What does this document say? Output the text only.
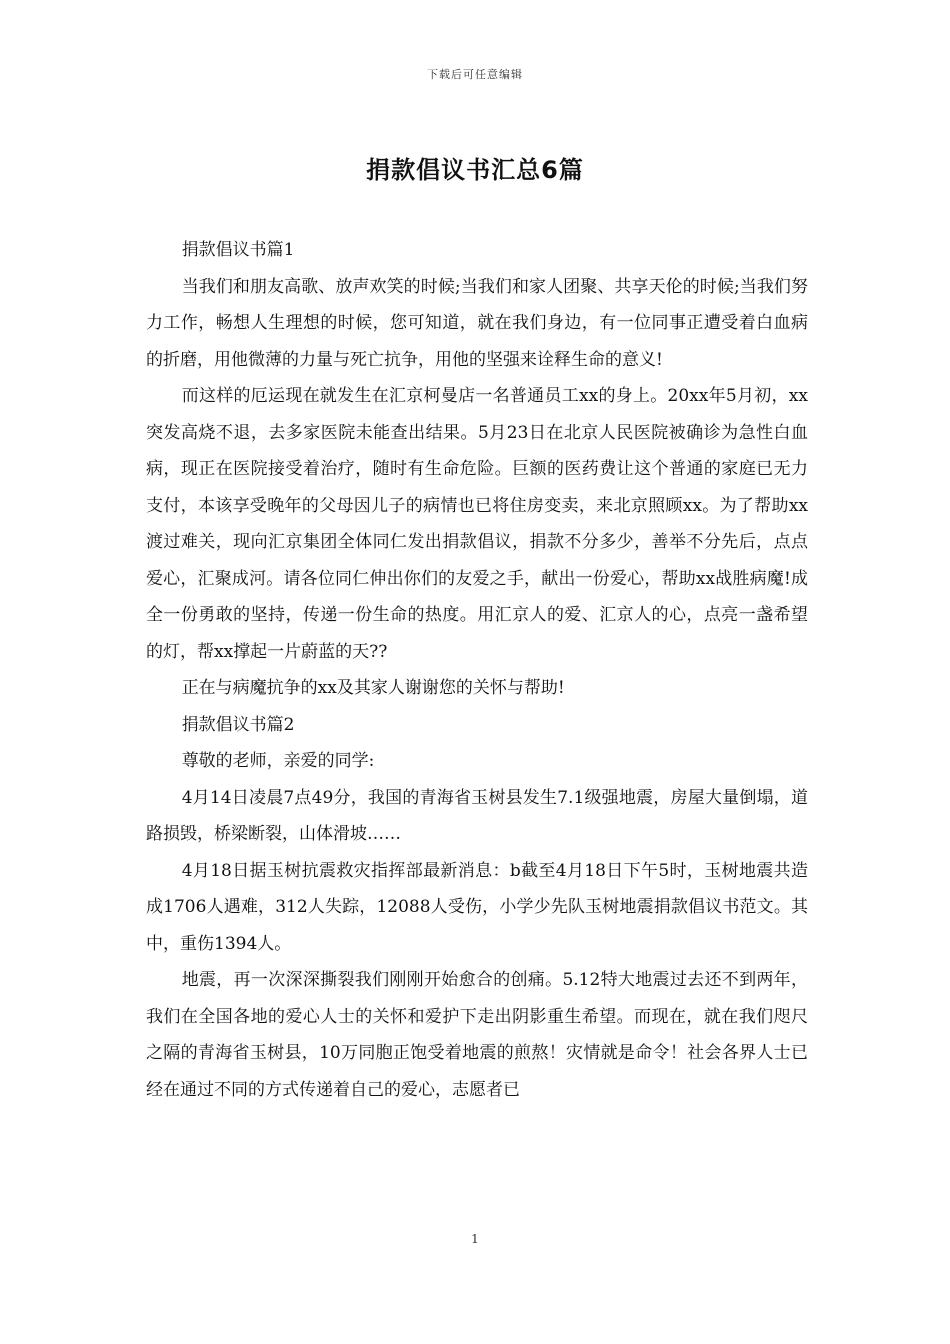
下载后可任意编辑
捐款倡议书汇总6篇

捐款倡议书篇1

当我们和朋友高歌、放声欢笑的时候;当我们和家人团聚、共享天伦的时候;当我们努力工作，畅想人生理想的时候，您可知道，就在我们身边，有一位同事正遭受着白血病的折磨，用他微薄的力量与死亡抗争，用他的坚强来诠释生命的意义!

而这样的厄运现在就发生在汇京柯曼店一名普通员工xx的身上。20xx年5月初，xx突发高烧不退，去多家医院未能查出结果。5月23日在北京人民医院被确诊为急性白血病，现正在医院接受着治疗，随时有生命危险。巨额的医药费让这个普通的家庭已无力支付，本该享受晚年的父母因儿子的病情也已将住房变卖，来北京照顾xx。为了帮助xx渡过难关，现向汇京集团全体同仁发出捐款倡议，捐款不分多少，善举不分先后，点点爱心，汇聚成河。请各位同仁伸出你们的友爱之手，献出一份爱心，帮助xx战胜病魔!成全一份勇敢的坚持，传递一份生命的热度。用汇京人的爱、汇京人的心，点亮一盏希望的灯，帮xx撑起一片蔚蓝的天??

正在与病魔抗争的xx及其家人谢谢您的关怀与帮助!

捐款倡议书篇2

尊敬的老师，亲爱的同学:

4月14日凌晨7点49分，我国的青海省玉树县发生7.1级强地震，房屋大量倒塌，道路损毁，桥梁断裂，山体滑坡……

4月18日据玉树抗震救灾指挥部最新消息：b截至4月18日下午5时，玉树地震共造成1706人遇难，312人失踪，12088人受伤，小学少先队玉树地震捐款倡议书范文。其中，重伤1394人。

地震，再一次深深撕裂我们刚刚开始愈合的创痛。5.12特大地震过去还不到两年，我们在全国各地的爱心人士的关怀和爱护下走出阴影重生希望。而现在，就在我们咫尺之隔的青海省玉树县，10万同胞正饱受着地震的煎熬！灾情就是命令！社会各界人士已经在通过不同的方式传递着自己的爱心，志愿者已

1
